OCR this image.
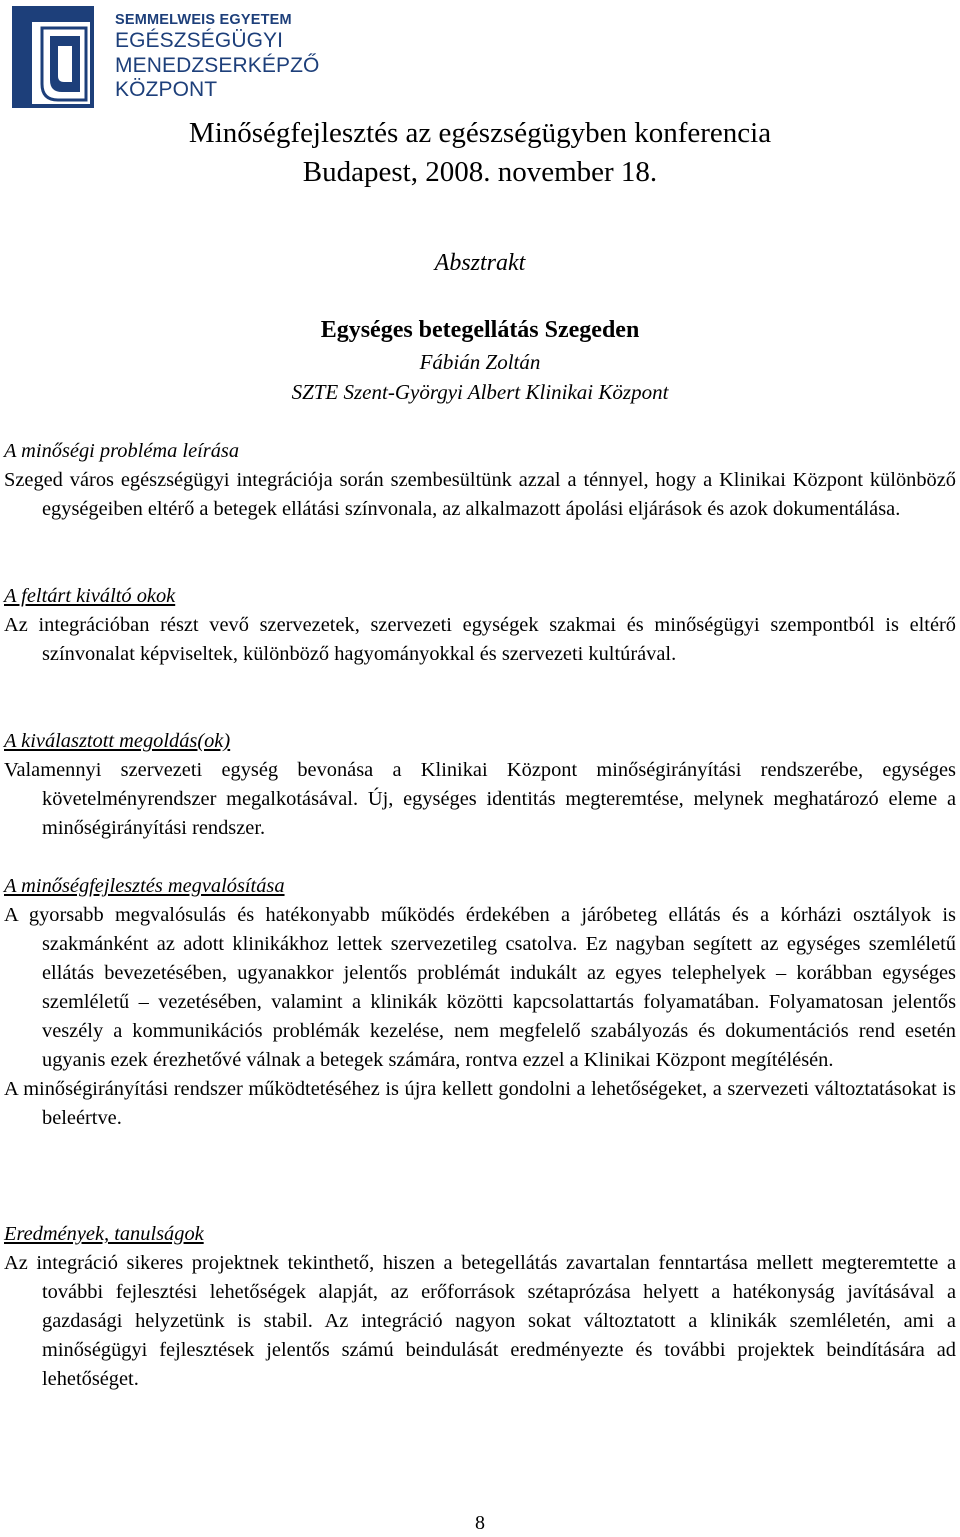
SEMMELWEIS EGYETEM
EGÉSZSÉGÜGYI
MENEDZSERKÉPZŐ
KÖZPONT
Minőségfejlesztés az egészségügyben konferencia
Budapest, 2008. november 18.
Absztrakt
Egységes betegellátás Szegeden
Fábián Zoltán
SZTE Szent-Györgyi Albert Klinikai Központ
A minőségi probléma leírása

Szeged város egészségügyi integrációja során szembesültünk azzal a ténnyel, hogy a Klinikai Központ különböző egységeiben eltérő a betegek ellátási színvonala, az alkalmazott ápolási eljárások és azok dokumentálása.

A feltárt kiváltó okok

Az integrációban részt vevő szervezetek, szervezeti egységek szakmai és minőségügyi szempontból is eltérő színvonalat képviseltek, különböző hagyományokkal és szervezeti kultúrával.

A kiválasztott megoldás(ok)

Valamennyi szervezeti egység bevonása a Klinikai Központ minőségirányítási rendszerébe, egységes követelményrendszer megalkotásával. Új, egységes identitás megteremtése, melynek meghatározó eleme a minőségirányítási rendszer.

A minőségfejlesztés megvalósítása

A gyorsabb megvalósulás és hatékonyabb működés érdekében a járóbeteg ellátás és a kórházi osztályok is szakmánként az adott klinikákhoz lettek szervezetileg csatolva. Ez nagyban segített az egységes szemléletű ellátás bevezetésében, ugyanakkor jelentős problémát indukált az egyes telephelyek – korábban egységes szemléletű – vezetésében, valamint a klinikák közötti kapcsolattartás folyamatában. Folyamatosan jelentős veszély a kommunikációs problémák kezelése, nem megfelelő szabályozás és dokumentációs rend esetén ugyanis ezek érezhetővé válnak a betegek számára, rontva ezzel a Klinikai Központ megítélésén.

A minőségirányítási rendszer működtetéséhez is újra kellett gondolni a lehetőségeket, a szervezeti változtatásokat is beleértve.

Eredmények, tanulságok

Az integráció sikeres projektnek tekinthető, hiszen a betegellátás zavartalan fenntartása mellett megteremtette a további fejlesztési lehetőségek alapját, az erőforrások szétaprózása helyett a hatékonyság javításával a gazdasági helyzetünk is stabil. Az integráció nagyon sokat változtatott a klinikák szemléletén, ami a minőségügyi fejlesztések jelentős számú beindulását eredményezte és további projektek beindítására ad lehetőséget.

8
